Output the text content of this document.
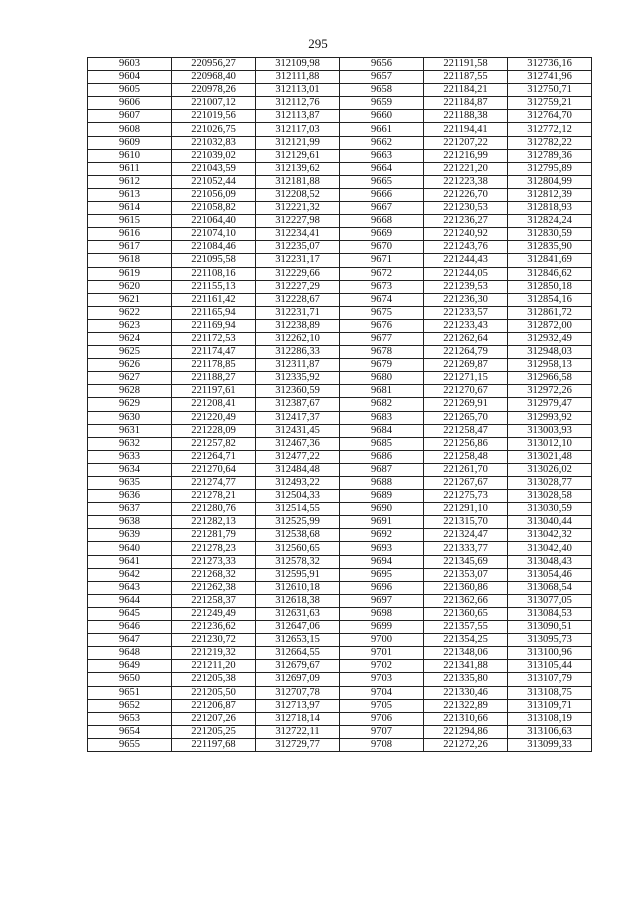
295
9603	220956,27	312109,98	9656	221191,58	312736,16
9604	220968,40	312111,88	9657	221187,55	312741,96
9605	220978,26	312113,01	9658	221184,21	312750,71
9606	221007,12	312112,76	9659	221184,87	312759,21
9607	221019,56	312113,87	9660	221188,38	312764,70
9608	221026,75	312117,03	9661	221194,41	312772,12
9609	221032,83	312121,99	9662	221207,22	312782,22
9610	221039,02	312129,61	9663	221216,99	312789,36
9611	221043,59	312139,62	9664	221221,20	312795,89
9612	221052,44	312181,88	9665	221223,38	312804,99
9613	221056,09	312208,52	9666	221226,70	312812,39
9614	221058,82	312221,32	9667	221230,53	312818,93
9615	221064,40	312227,98	9668	221236,27	312824,24
9616	221074,10	312234,41	9669	221240,92	312830,59
9617	221084,46	312235,07	9670	221243,76	312835,90
9618	221095,58	312231,17	9671	221244,43	312841,69
9619	221108,16	312229,66	9672	221244,05	312846,62
9620	221155,13	312227,29	9673	221239,53	312850,18
9621	221161,42	312228,67	9674	221236,30	312854,16
9622	221165,94	312231,71	9675	221233,57	312861,72
9623	221169,94	312238,89	9676	221233,43	312872,00
9624	221172,53	312262,10	9677	221262,64	312932,49
9625	221174,47	312286,33	9678	221264,79	312948,03
9626	221178,85	312311,87	9679	221269,87	312958,13
9627	221188,27	312335,92	9680	221271,15	312966,58
9628	221197,61	312360,59	9681	221270,67	312972,26
9629	221208,41	312387,67	9682	221269,91	312979,47
9630	221220,49	312417,37	9683	221265,70	312993,92
9631	221228,09	312431,45	9684	221258,47	313003,93
9632	221257,82	312467,36	9685	221256,86	313012,10
9633	221264,71	312477,22	9686	221258,48	313021,48
9634	221270,64	312484,48	9687	221261,70	313026,02
9635	221274,77	312493,22	9688	221267,67	313028,77
9636	221278,21	312504,33	9689	221275,73	313028,58
9637	221280,76	312514,55	9690	221291,10	313030,59
9638	221282,13	312525,99	9691	221315,70	313040,44
9639	221281,79	312538,68	9692	221324,47	313042,32
9640	221278,23	312560,65	9693	221333,77	313042,40
9641	221273,33	312578,32	9694	221345,69	313048,43
9642	221268,32	312595,91	9695	221353,07	313054,46
9643	221262,38	312610,18	9696	221360,86	313068,54
9644	221258,37	312618,38	9697	221362,66	313077,05
9645	221249,49	312631,63	9698	221360,65	313084,53
9646	221236,62	312647,06	9699	221357,55	313090,51
9647	221230,72	312653,15	9700	221354,25	313095,73
9648	221219,32	312664,55	9701	221348,06	313100,96
9649	221211,20	312679,67	9702	221341,88	313105,44
9650	221205,38	312697,09	9703	221335,80	313107,79
9651	221205,50	312707,78	9704	221330,46	313108,75
9652	221206,87	312713,97	9705	221322,89	313109,71
9653	221207,26	312718,14	9706	221310,66	313108,19
9654	221205,25	312722,11	9707	221294,86	313106,63
9655	221197,68	312729,77	9708	221272,26	313099,33
